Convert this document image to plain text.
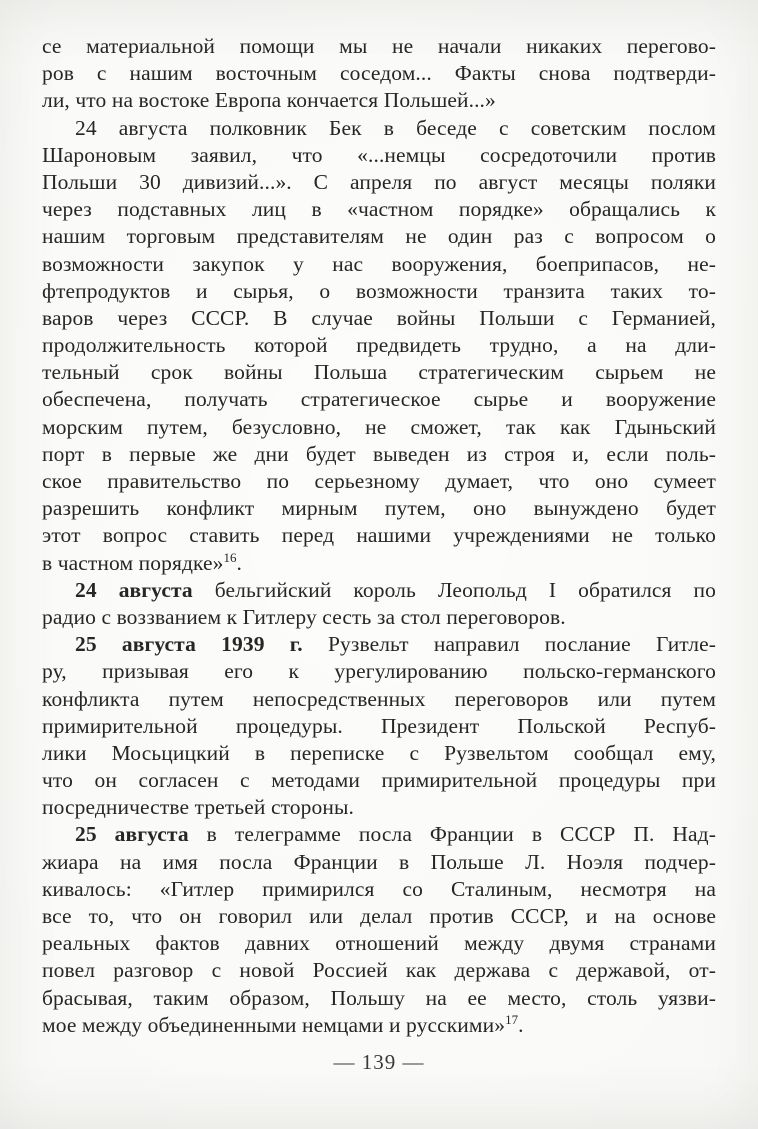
се материальной помощи мы не начали никаких перегово-
ров с нашим восточным соседом... Факты снова подтверди-
ли, что на востоке Европа кончается Польшей...»
24 августа полковник Бек в беседе с советским послом
Шароновым заявил, что «...немцы сосредоточили против
Польши 30 дивизий...». С апреля по август месяцы поляки
через подставных лиц в «частном порядке» обращались к
нашим торговым представителям не один раз с вопросом о
возможности закупок у нас вооружения, боеприпасов, не-
фтепродуктов и сырья, о возможности транзита таких то-
варов через СССР. В случае войны Польши с Германией,
продолжительность которой предвидеть трудно, а на дли-
тельный срок войны Польша стратегическим сырьем не
обеспечена, получать стратегическое сырье и вооружение
морским путем, безусловно, не сможет, так как Гдыньский
порт в первые же дни будет выведен из строя и, если поль-
ское правительство по серьезному думает, что оно сумеет
разрешить конфликт мирным путем, оно вынуждено будет
этот вопрос ставить перед нашими учреждениями не только
в частном порядке»$^{16}$.
24 августа бельгийский король Леопольд I обратился по
радио с воззванием к Гитлеру сесть за стол переговоров.
25 августа 1939 г. Рузвельт направил послание Гитле-
ру, призывая его к урегулированию польско-германского
конфликта путем непосредственных переговоров или путем
примирительной процедуры. Президент Польской Респуб-
лики Мосьцицкий в переписке с Рузвельтом сообщал ему,
что он согласен с методами примирительной процедуры при
посредничестве третьей стороны.
25 августа в телеграмме посла Франции в СССР П. Над-
жиара на имя посла Франции в Польше Л. Ноэля подчер-
кивалось: «Гитлер примирился со Сталиным, несмотря на
все то, что он говорил или делал против СССР, и на основе
реальных фактов давних отношений между двумя странами
повел разговор с новой Россией как держава с державой, от-
брасывая, таким образом, Польшу на ее место, столь уязви-
мое между объединенными немцами и русскими»$^{17}$.
— 139 —
